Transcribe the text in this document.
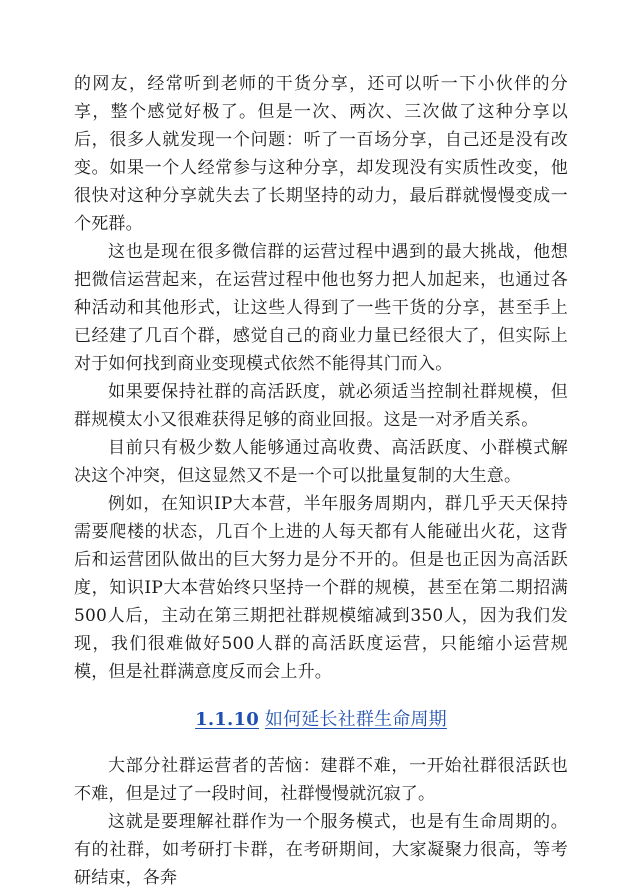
的网友，经常听到老师的干货分享，还可以听一下小伙伴的分享，整个感觉好极了。但是一次、两次、三次做了这种分享以后，很多人就发现一个问题：听了一百场分享，自己还是没有改变。如果一个人经常参与这种分享，却发现没有实质性改变，他很快对这种分享就失去了长期坚持的动力，最后群就慢慢变成一个死群。

这也是现在很多微信群的运营过程中遇到的最大挑战，他想把微信运营起来，在运营过程中他也努力把人加起来，也通过各种活动和其他形式，让这些人得到了一些干货的分享，甚至手上已经建了几百个群，感觉自己的商业力量已经很大了，但实际上对于如何找到商业变现模式依然不能得其门而入。

如果要保持社群的高活跃度，就必须适当控制社群规模，但群规模太小又很难获得足够的商业回报。这是一对矛盾关系。

目前只有极少数人能够通过高收费、高活跃度、小群模式解决这个冲突，但这显然又不是一个可以批量复制的大生意。

例如，在知识IP大本营，半年服务周期内，群几乎天天保持需要爬楼的状态，几百个上进的人每天都有人能碰出火花，这背后和运营团队做出的巨大努力是分不开的。但是也正因为高活跃度，知识IP大本营始终只坚持一个群的规模，甚至在第二期招满500人后，主动在第三期把社群规模缩减到350人，因为我们发现，我们很难做好500人群的高活跃度运营，只能缩小运营规模，但是社群满意度反而会上升。

1.1.10 如何延长社群生命周期

大部分社群运营者的苦恼：建群不难，一开始社群很活跃也不难，但是过了一段时间，社群慢慢就沉寂了。

这就是要理解社群作为一个服务模式，也是有生命周期的。有的社群，如考研打卡群，在考研期间，大家凝聚力很高，等考研结束，各奔
